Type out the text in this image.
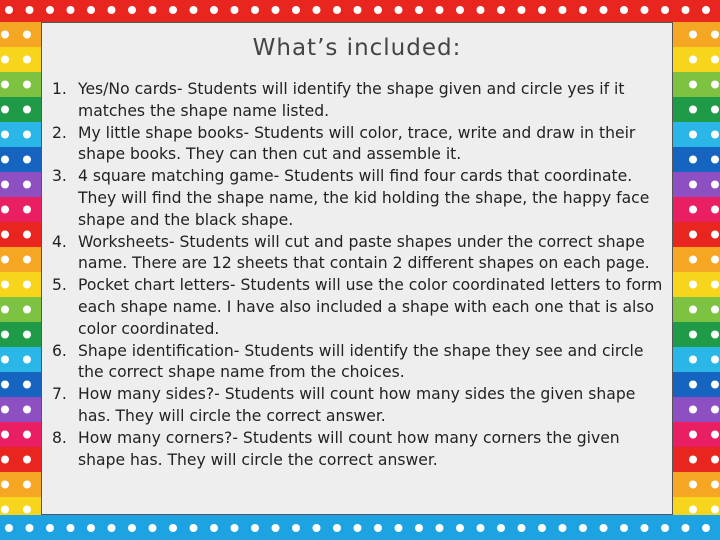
What’s included:
1. Yes/No cards- Students will identify the shape given and circle yes if it matches the shape name listed.
2. My little shape books- Students will color, trace, write and draw in their shape books. They can then cut and assemble it.
3. 4 square matching game- Students will find four cards that coordinate. They will find the shape name, the kid holding the shape, the happy face shape and the black shape.
4. Worksheets- Students will cut and paste shapes under the correct shape name. There are 12 sheets that contain 2 different shapes on each page.
5. Pocket chart letters- Students will use the color coordinated letters to form each shape name. I have also included a shape with each one that is also color coordinated.
6. Shape identification- Students will identify the shape they see and circle the correct shape name from the choices.
7. How many sides?- Students will count how many sides the given shape has. They will circle the correct answer.
8. How many corners?- Students will count how many corners the given shape has. They will circle the correct answer.
